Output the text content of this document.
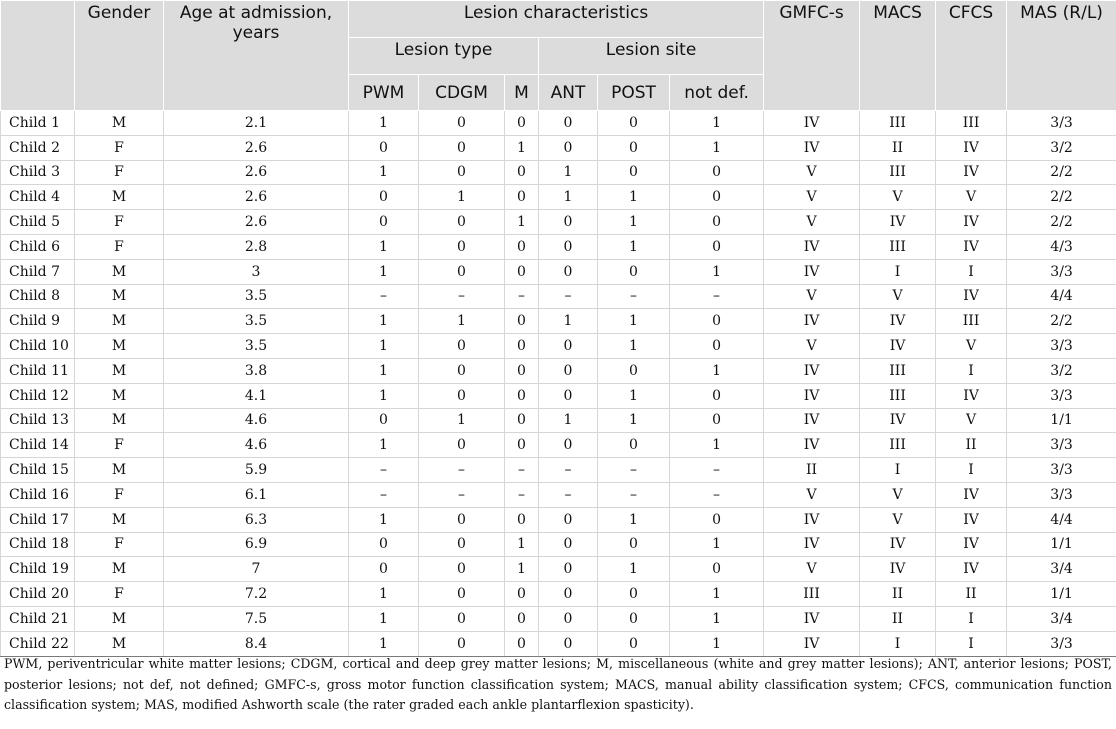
	Gender	Age at admission, years	Lesion characteristics						GMFC-s	MACS	CFCS	MAS (R/L)
			Lesion type			Lesion site						
			PWM	CDGM	M	ANT	POST	not def.				
Child 1	M	2.1	1	0	0	0	0	1	IV	III	III	3/3
Child 2	F	2.6	0	0	1	0	0	1	IV	II	IV	3/2
Child 3	F	2.6	1	0	0	1	0	0	V	III	IV	2/2
Child 4	M	2.6	0	1	0	1	1	0	V	V	V	2/2
Child 5	F	2.6	0	0	1	0	1	0	V	IV	IV	2/2
Child 6	F	2.8	1	0	0	0	1	0	IV	III	IV	4/3
Child 7	M	3	1	0	0	0	0	1	IV	I	I	3/3
Child 8	M	3.5	–	–	–	–	–	–	V	V	IV	4/4
Child 9	M	3.5	1	1	0	1	1	0	IV	IV	III	2/2
Child 10	M	3.5	1	0	0	0	1	0	V	IV	V	3/3
Child 11	M	3.8	1	0	0	0	0	1	IV	III	I	3/2
Child 12	M	4.1	1	0	0	0	1	0	IV	III	IV	3/3
Child 13	M	4.6	0	1	0	1	1	0	IV	IV	V	1/1
Child 14	F	4.6	1	0	0	0	0	1	IV	III	II	3/3
Child 15	M	5.9	–	–	–	–	–	–	II	I	I	3/3
Child 16	F	6.1	–	–	–	–	–	–	V	V	IV	3/3
Child 17	M	6.3	1	0	0	0	1	0	IV	V	IV	4/4
Child 18	F	6.9	0	0	1	0	0	1	IV	IV	IV	1/1
Child 19	M	7	0	0	1	0	1	0	V	IV	IV	3/4
Child 20	F	7.2	1	0	0	0	0	1	III	II	II	1/1
Child 21	M	7.5	1	0	0	0	0	1	IV	II	I	3/4
Child 22	M	8.4	1	0	0	0	0	1	IV	I	I	3/3
PWM, periventricular white matter lesions; CDGM, cortical and deep grey matter lesions; M, miscellaneous (white and grey matter lesions); ANT, anterior lesions; POST, posterior lesions; not def, not defined; GMFC-s, gross motor function classification system; MACS, manual ability classification system; CFCS, communication function classification system; MAS, modified Ashworth scale (the rater graded each ankle plantarflexion spasticity).
